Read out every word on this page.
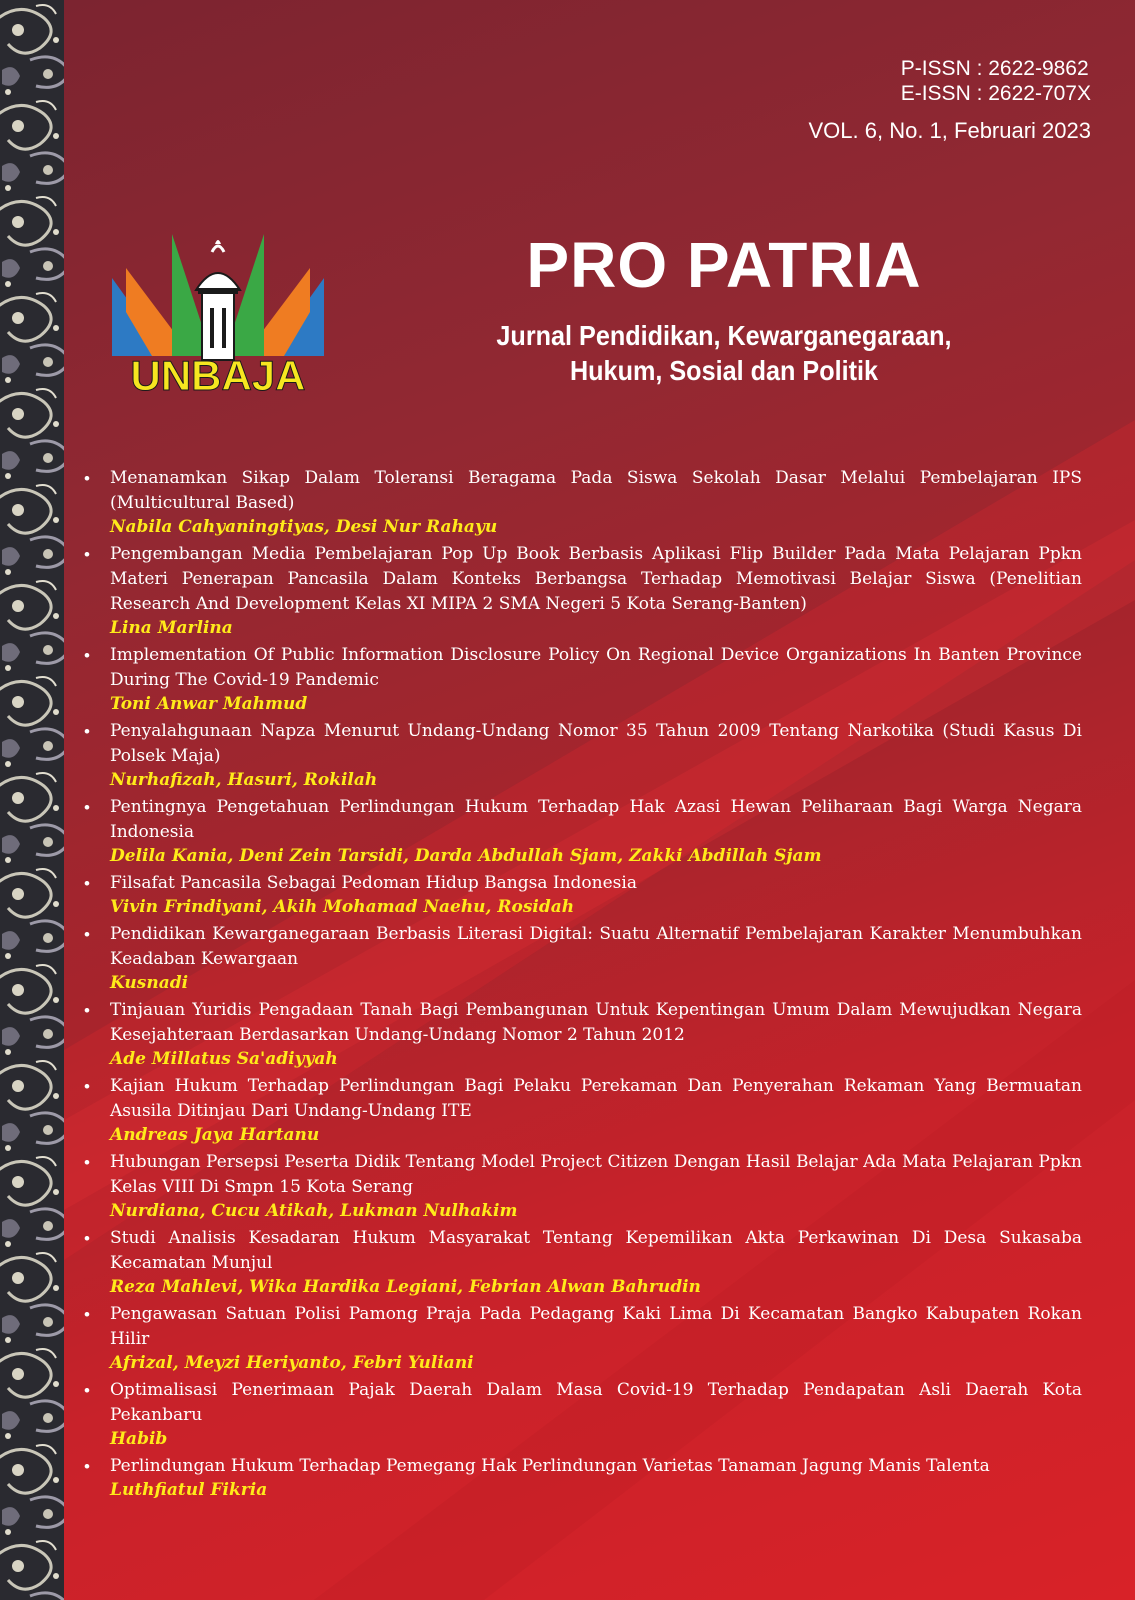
P-ISSN : 2622-9862
E-ISSN : 2622-707X
VOL. 6, No. 1, Februari 2023
UNBAJA
PRO PATRIA
Jurnal Pendidikan, Kewarganegaraan,
Hukum, Sosial dan Politik
• Menanamkan Sikap Dalam Toleransi Beragama Pada Siswa Sekolah Dasar Melalui Pembelajaran IPS (Multicultural Based)
Nabila Cahyaningtiyas, Desi Nur Rahayu
• Pengembangan Media Pembelajaran Pop Up Book Berbasis Aplikasi Flip Builder Pada Mata Pelajaran Ppkn Materi Penerapan Pancasila Dalam Konteks Berbangsa Terhadap Memotivasi Belajar Siswa (Penelitian Research And Development Kelas XI MIPA 2 SMA Negeri 5 Kota Serang-Banten)
Lina Marlina
• Implementation Of Public Information Disclosure Policy On Regional Device Organizations In Banten Province During The Covid-19 Pandemic
Toni Anwar Mahmud
• Penyalahgunaan Napza Menurut Undang-Undang Nomor 35 Tahun 2009 Tentang Narkotika (Studi Kasus Di Polsek Maja)
Nurhafizah, Hasuri, Rokilah
• Pentingnya Pengetahuan Perlindungan Hukum Terhadap Hak Azasi Hewan Peliharaan Bagi Warga Negara Indonesia
Delila Kania, Deni Zein Tarsidi, Darda Abdullah Sjam, Zakki Abdillah Sjam
• Filsafat Pancasila Sebagai Pedoman Hidup Bangsa Indonesia
Vivin Frindiyani, Akih Mohamad Naehu, Rosidah
• Pendidikan Kewarganegaraan Berbasis Literasi Digital: Suatu Alternatif Pembelajaran Karakter Menumbuhkan Keadaban Kewargaan
Kusnadi
• Tinjauan Yuridis Pengadaan Tanah Bagi Pembangunan Untuk Kepentingan Umum Dalam Mewujudkan Negara Kesejahteraan Berdasarkan Undang-Undang Nomor 2 Tahun 2012
Ade Millatus Sa'adiyyah
• Kajian Hukum Terhadap Perlindungan Bagi Pelaku Perekaman Dan Penyerahan Rekaman Yang Bermuatan Asusila Ditinjau Dari Undang-Undang ITE
Andreas Jaya Hartanu
• Hubungan Persepsi Peserta Didik Tentang Model Project Citizen Dengan Hasil Belajar Ada Mata Pelajaran Ppkn Kelas VIII Di Smpn 15 Kota Serang
Nurdiana, Cucu Atikah, Lukman Nulhakim
• Studi Analisis Kesadaran Hukum Masyarakat Tentang Kepemilikan Akta Perkawinan Di Desa Sukasaba Kecamatan Munjul
Reza Mahlevi, Wika Hardika Legiani, Febrian Alwan Bahrudin
• Pengawasan Satuan Polisi Pamong Praja Pada Pedagang Kaki Lima Di Kecamatan Bangko Kabupaten Rokan Hilir
Afrizal, Meyzi Heriyanto, Febri Yuliani
• Optimalisasi Penerimaan Pajak Daerah Dalam Masa Covid-19 Terhadap Pendapatan Asli Daerah Kota Pekanbaru
Habib
• Perlindungan Hukum Terhadap Pemegang Hak Perlindungan Varietas Tanaman Jagung Manis Talenta
Luthfiatul Fikria
